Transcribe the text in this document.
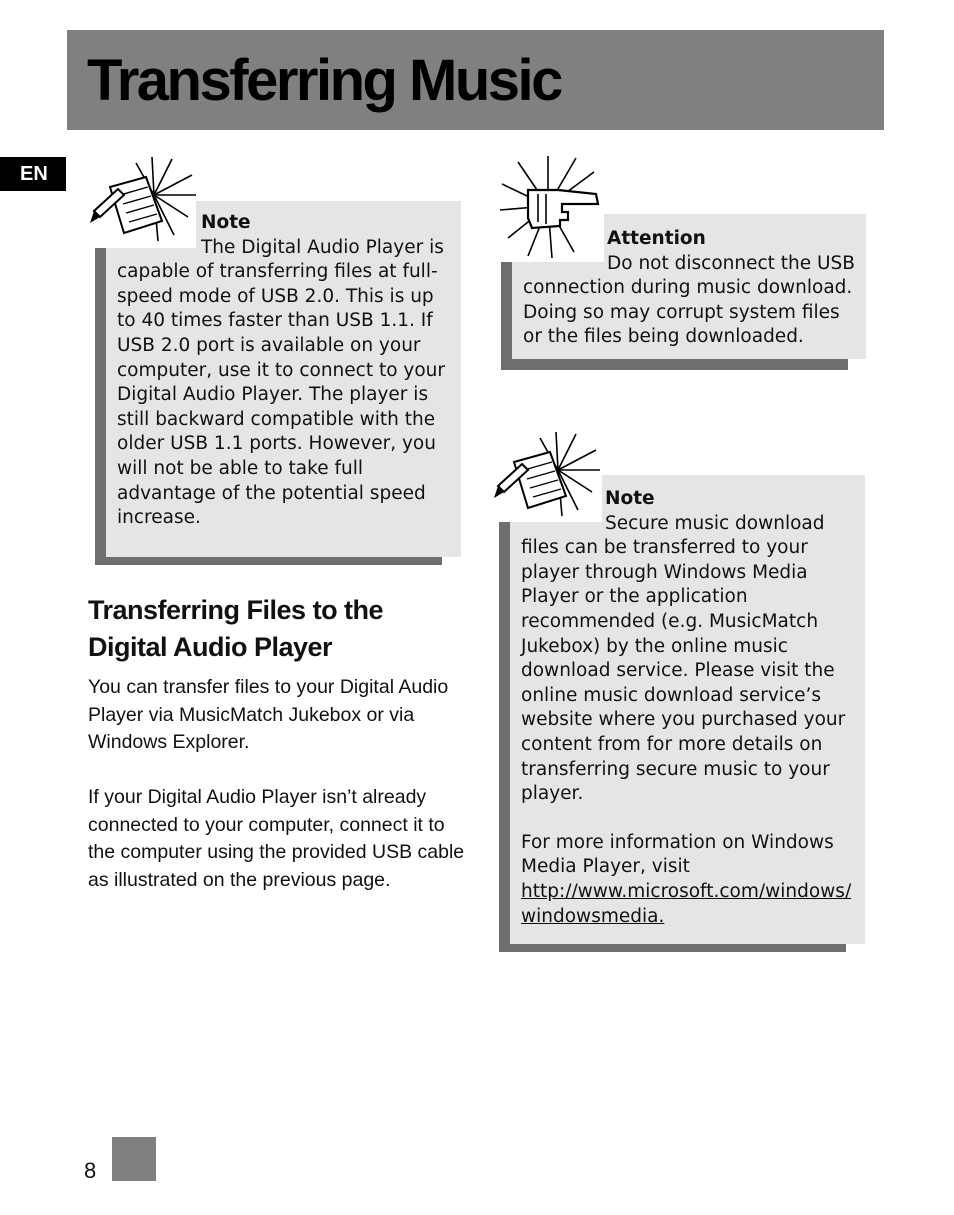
Transferring Music
EN

Note

The Digital Audio Player is

capable of transferring files at full-speed mode of USB 2.0. This is up to 40 times faster than USB 1.1. If USB 2.0 port is available on your computer, use it to connect to your Digital Audio Player. The player is still backward compatible with the older USB 1.1 ports. However, you will not be able to take full advantage of the potential speed increase.

Attention

Do not disconnect the USB

connection during music download. Doing so may corrupt system files or the files being downloaded.

Note

Secure music download

files can be transferred to your player through Windows Media Player or the application recommended (e.g. MusicMatch Jukebox) by the online music download service. Please visit the online music download service’s website where you purchased your content from for more details on transferring secure music to your player.

For more information on Windows Media Player, visit

http://www.microsoft.com/windows/windowsmedia.

Transferring Files to the Digital Audio Player

You can transfer files to your Digital Audio Player via MusicMatch Jukebox or via Windows Explorer.

If your Digital Audio Player isn’t already connected to your computer, connect it to the computer using the provided USB cable as illustrated on the previous page.

8
